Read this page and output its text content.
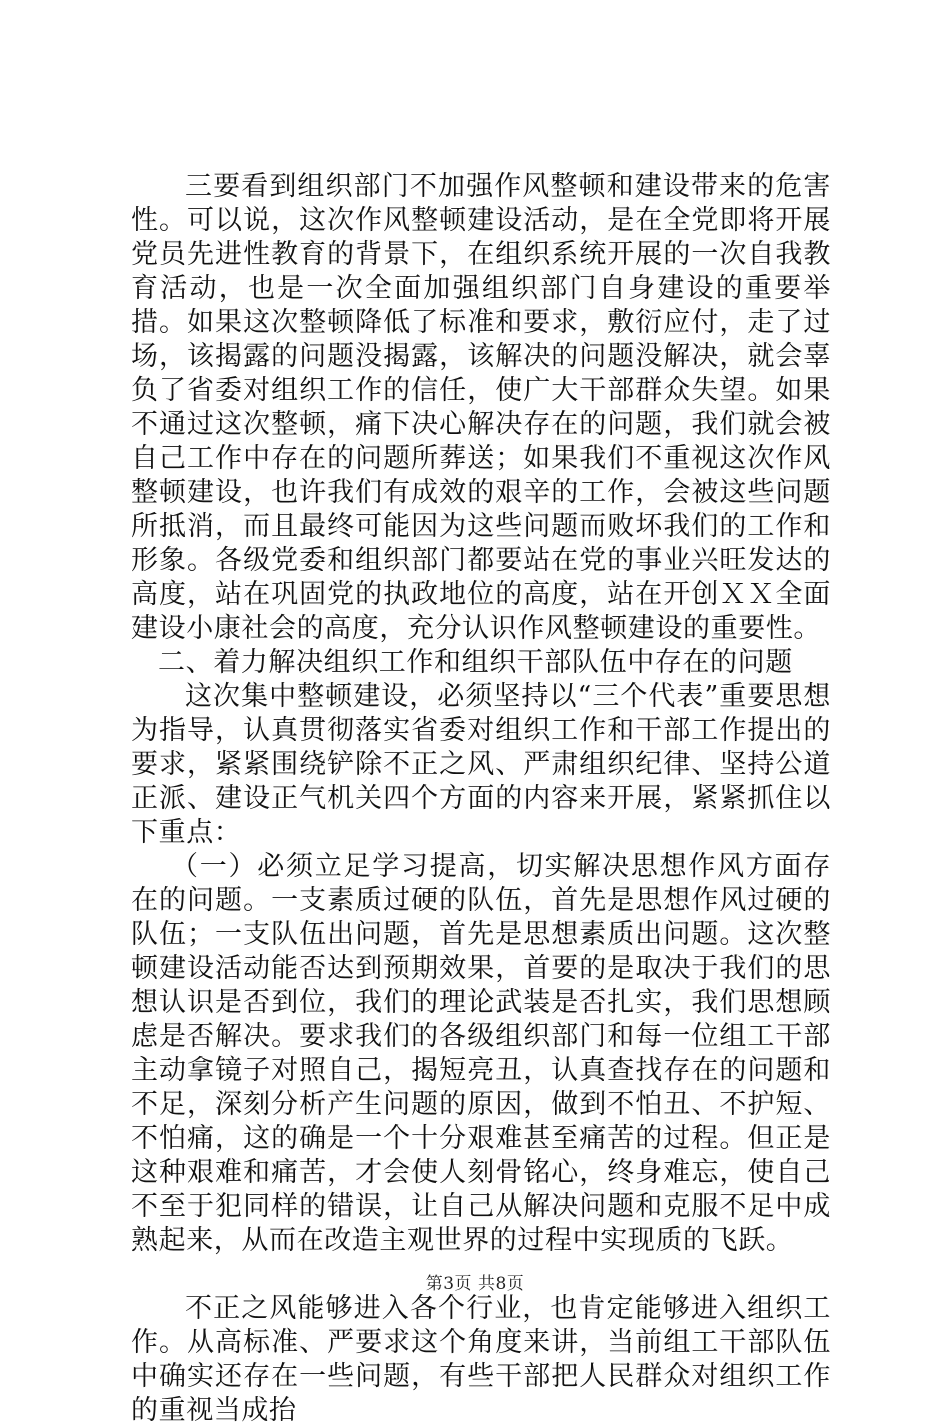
三要看到组织部门不加强作风整顿和建设带来的危害性。可以说，这次作风整顿建设活动，是在全党即将开展党员先进性教育的背景下，在组织系统开展的一次自我教育活动，也是一次全面加强组织部门自身建设的重要举措。如果这次整顿降低了标准和要求，敷衍应付，走了过场，该揭露的问题没揭露，该解决的问题没解决，就会辜负了省委对组织工作的信任，使广大干部群众失望。如果不通过这次整顿，痛下决心解决存在的问题，我们就会被自己工作中存在的问题所葬送；如果我们不重视这次作风整顿建设，也许我们有成效的艰辛的工作，会被这些问题所抵消，而且最终可能因为这些问题而败坏我们的工作和形象。各级党委和组织部门都要站在党的事业兴旺发达的高度，站在巩固党的执政地位的高度，站在开创ＸＸ全面建设小康社会的高度，充分认识作风整顿建设的重要性。

二、着力解决组织工作和组织干部队伍中存在的问题

这次集中整顿建设，必须坚持以“三个代表”重要思想为指导，认真贯彻落实省委对组织工作和干部工作提出的要求，紧紧围绕铲除不正之风、严肃组织纪律、坚持公道正派、建设正气机关四个方面的内容来开展，紧紧抓住以下重点：

（一）必须立足学习提高，切实解决思想作风方面存在的问题。一支素质过硬的队伍，首先是思想作风过硬的队伍；一支队伍出问题，首先是思想素质出问题。这次整顿建设活动能否达到预期效果，首要的是取决于我们的思想认识是否到位，我们的理论武装是否扎实，我们思想顾虑是否解决。要求我们的各级组织部门和每一位组工干部主动拿镜子对照自己，揭短亮丑，认真查找存在的问题和不足，深刻分析产生问题的原因，做到不怕丑、不护短、不怕痛，这的确是一个十分艰难甚至痛苦的过程。但正是这种艰难和痛苦，才会使人刻骨铭心，终身难忘，使自己不至于犯同样的错误，让自己从解决问题和克服不足中成熟起来，从而在改造主观世界的过程中实现质的飞跃。

不正之风能够进入各个行业，也肯定能够进入组织工作。从高标准、严要求这个角度来讲，当前组工干部队伍中确实还存在一些问题，有些干部把人民群众对组织工作的重视当成抬

第3页 共8页
